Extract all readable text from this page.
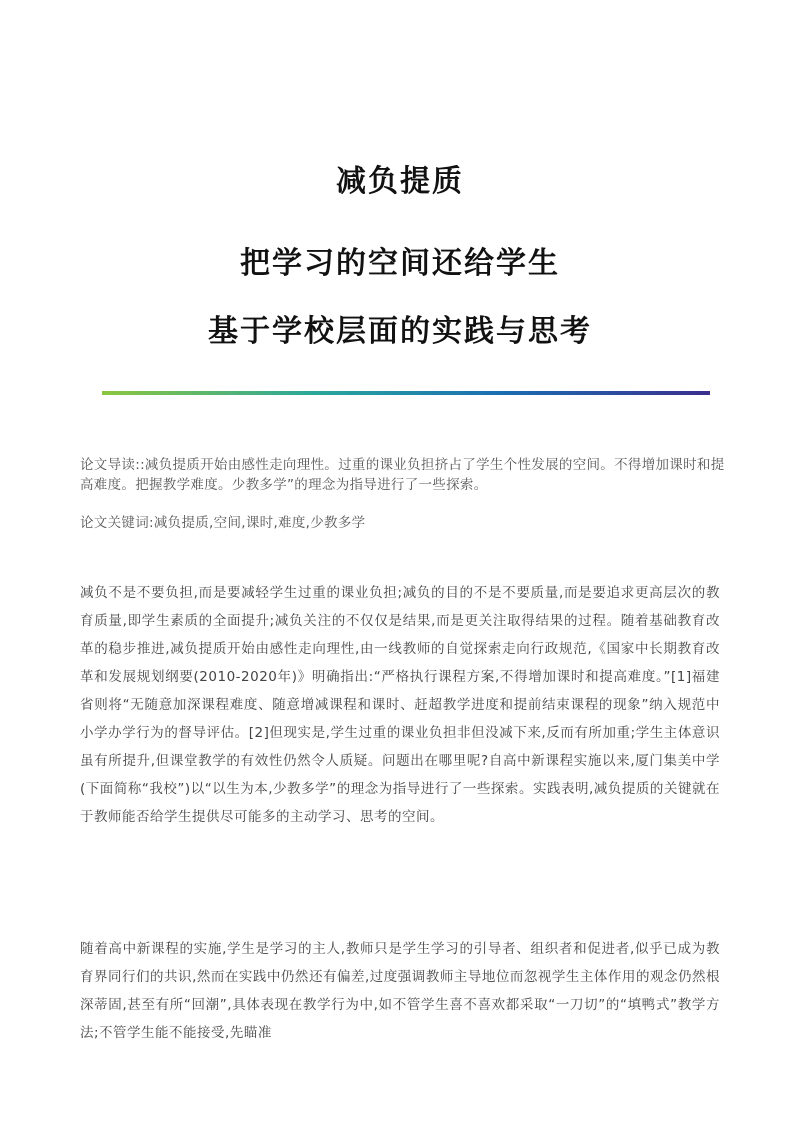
减负提质
把学习的空间还给学生
基于学校层面的实践与思考
论文导读::减负提质开始由感性走向理性。过重的课业负担挤占了学生个性发展的空间。不得增加课时和提高难度。把握教学难度。少教多学”的理念为指导进行了一些探索。
论文关键词:减负提质,空间,课时,难度,少教多学

减负不是不要负担,而是要减轻学生过重的课业负担;减负的目的不是不要质量,而是要追求更高层次的教育质量,即学生素质的全面提升;减负关注的不仅仅是结果,而是更关注取得结果的过程。随着基础教育改革的稳步推进,减负提质开始由感性走向理性,由一线教师的自觉探索走向行政规范,《国家中长期教育改革和发展规划纲要(2010-2020年)》明确指出:“严格执行课程方案,不得增加课时和提高难度。”[1]福建省则将“无随意加深课程难度、随意增减课程和课时、赶超教学进度和提前结束课程的现象”纳入规范中小学办学行为的督导评估。[2]但现实是,学生过重的课业负担非但没减下来,反而有所加重;学生主体意识虽有所提升,但课堂教学的有效性仍然令人质疑。问题出在哪里呢?自高中新课程实施以来,厦门集美中学(下面简称“我校”)以“以生为本,少教多学”的理念为指导进行了一些探索。实践表明,减负提质的关键就在于教师能否给学生提供尽可能多的主动学习、思考的空间。

随着高中新课程的实施,学生是学习的主人,教师只是学生学习的引导者、组织者和促进者,似乎已成为教育界同行们的共识,然而在实践中仍然还有偏差,过度强调教师主导地位而忽视学生主体作用的观念仍然根深蒂固,甚至有所“回潮”,具体表现在教学行为中,如不管学生喜不喜欢都采取“一刀切”的“填鸭式”教学方法;不管学生能不能接受,先瞄准
